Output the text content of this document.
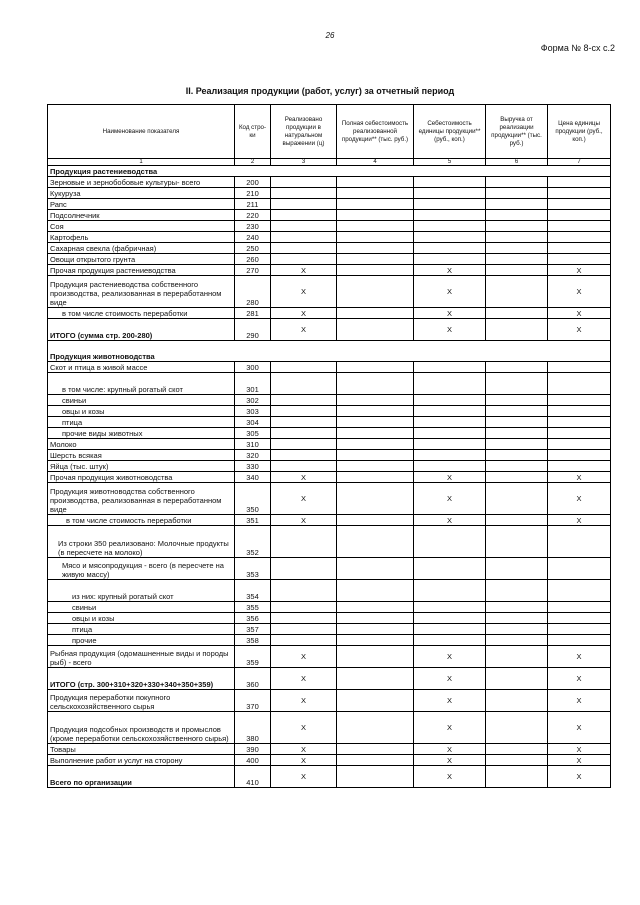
26
Форма № 8-сх с.2
II. Реализация продукции (работ, услуг) за отчетный период
Наименование показателя	Код стро-ки	Реализовано продукции в натуральном выражении (ц)	Полная себестоимость реализованной продукции** (тыс. руб.)	Себестоимость единицы продукции** (руб., коп.)	Выручка от реализации продукции** (тыс. руб.)	Цена единицы продукции (руб., коп.)
1	2	3	4	5	6	7
Продукция растениеводства						
Зерновые и зернобобовые культуры- всего	200					
Кукуруза	210					
Рапс	211					
Подсолнечник	220					
Соя	230					
Картофель	240					
Сахарная свекла (фабричная)	250					
Овощи открытого грунта	260					
Прочая продукция растениеводства	270	X		X		X
Продукция растениеводства собственного производства, реализованная в переработанном виде	280	X		X		X
в том числе стоимость переработки	281	X		X		X
ИТОГО (сумма стр. 200-280)	290	X		X		X
Продукция животноводства						
Скот и птица в живой массе	300					
в том числе: крупный рогатый скот	301					
свиньи	302					
овцы и козы	303					
птица	304					
прочие виды животных	305					
Молоко	310					
Шерсть всякая	320					
Яйца (тыс. штук)	330					
Прочая продукция животноводства	340	X		X		X
Продукция животноводства собственного производства, реализованная в переработанном виде	350	X		X		X
в том числе стоимость переработки	351	X		X		X
Из строки 350 реализовано: Молочные продукты (в пересчете на молоко)	352					
Мясо и мясопродукция - всего (в пересчете на живую массу)	353					
из них: крупный рогатый скот	354					
свиньи	355					
овцы и козы	356					
птица	357					
прочие	358					
Рыбная продукция (одомашненные виды и породы рыб) - всего	359	X		X		X
ИТОГО (стр. 300+310+320+330+340+350+359)	360	X		X		X
Продукция переработки покупного сельскохозяйственного сырья	370	X		X		X
Продукция подсобных производств и промыслов (кроме переработки сельскохозяйственного сырья)	380	X		X		X
Товары	390	X		X		X
Выполнение работ и услуг на сторону	400	X		X		X
Всего по организации	410	X		X		X
